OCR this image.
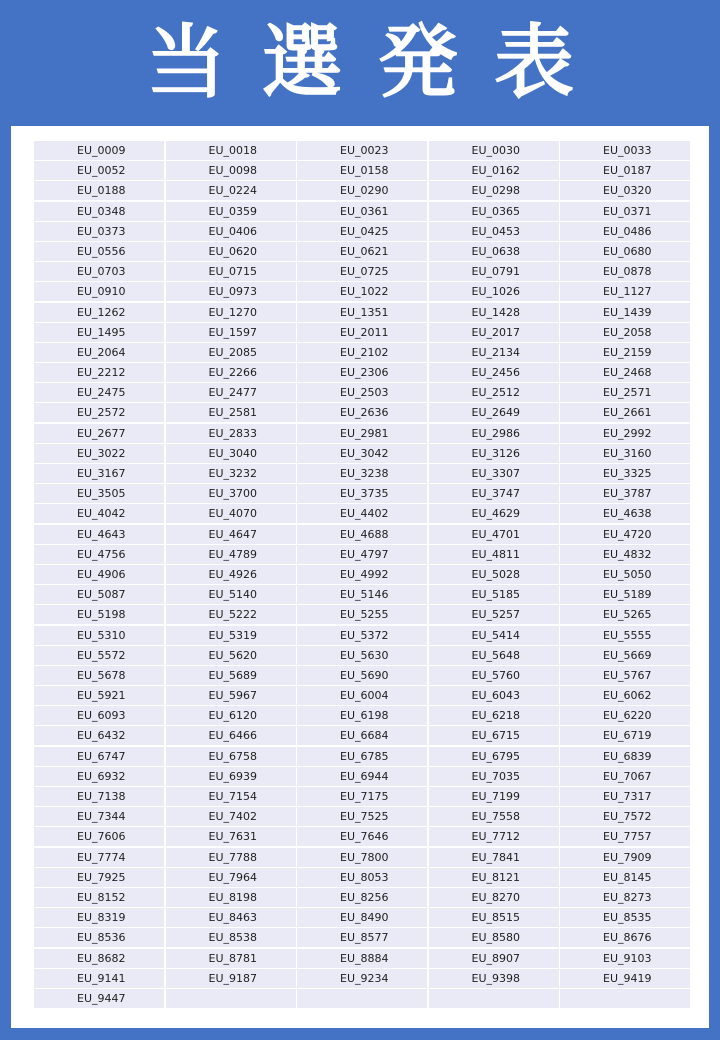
当選発表
EU_0009	EU_0018	EU_0023	EU_0030	EU_0033
EU_0052	EU_0098	EU_0158	EU_0162	EU_0187
EU_0188	EU_0224	EU_0290	EU_0298	EU_0320
EU_0348	EU_0359	EU_0361	EU_0365	EU_0371
EU_0373	EU_0406	EU_0425	EU_0453	EU_0486
EU_0556	EU_0620	EU_0621	EU_0638	EU_0680
EU_0703	EU_0715	EU_0725	EU_0791	EU_0878
EU_0910	EU_0973	EU_1022	EU_1026	EU_1127
EU_1262	EU_1270	EU_1351	EU_1428	EU_1439
EU_1495	EU_1597	EU_2011	EU_2017	EU_2058
EU_2064	EU_2085	EU_2102	EU_2134	EU_2159
EU_2212	EU_2266	EU_2306	EU_2456	EU_2468
EU_2475	EU_2477	EU_2503	EU_2512	EU_2571
EU_2572	EU_2581	EU_2636	EU_2649	EU_2661
EU_2677	EU_2833	EU_2981	EU_2986	EU_2992
EU_3022	EU_3040	EU_3042	EU_3126	EU_3160
EU_3167	EU_3232	EU_3238	EU_3307	EU_3325
EU_3505	EU_3700	EU_3735	EU_3747	EU_3787
EU_4042	EU_4070	EU_4402	EU_4629	EU_4638
EU_4643	EU_4647	EU_4688	EU_4701	EU_4720
EU_4756	EU_4789	EU_4797	EU_4811	EU_4832
EU_4906	EU_4926	EU_4992	EU_5028	EU_5050
EU_5087	EU_5140	EU_5146	EU_5185	EU_5189
EU_5198	EU_5222	EU_5255	EU_5257	EU_5265
EU_5310	EU_5319	EU_5372	EU_5414	EU_5555
EU_5572	EU_5620	EU_5630	EU_5648	EU_5669
EU_5678	EU_5689	EU_5690	EU_5760	EU_5767
EU_5921	EU_5967	EU_6004	EU_6043	EU_6062
EU_6093	EU_6120	EU_6198	EU_6218	EU_6220
EU_6432	EU_6466	EU_6684	EU_6715	EU_6719
EU_6747	EU_6758	EU_6785	EU_6795	EU_6839
EU_6932	EU_6939	EU_6944	EU_7035	EU_7067
EU_7138	EU_7154	EU_7175	EU_7199	EU_7317
EU_7344	EU_7402	EU_7525	EU_7558	EU_7572
EU_7606	EU_7631	EU_7646	EU_7712	EU_7757
EU_7774	EU_7788	EU_7800	EU_7841	EU_7909
EU_7925	EU_7964	EU_8053	EU_8121	EU_8145
EU_8152	EU_8198	EU_8256	EU_8270	EU_8273
EU_8319	EU_8463	EU_8490	EU_8515	EU_8535
EU_8536	EU_8538	EU_8577	EU_8580	EU_8676
EU_8682	EU_8781	EU_8884	EU_8907	EU_9103
EU_9141	EU_9187	EU_9234	EU_9398	EU_9419
EU_9447
